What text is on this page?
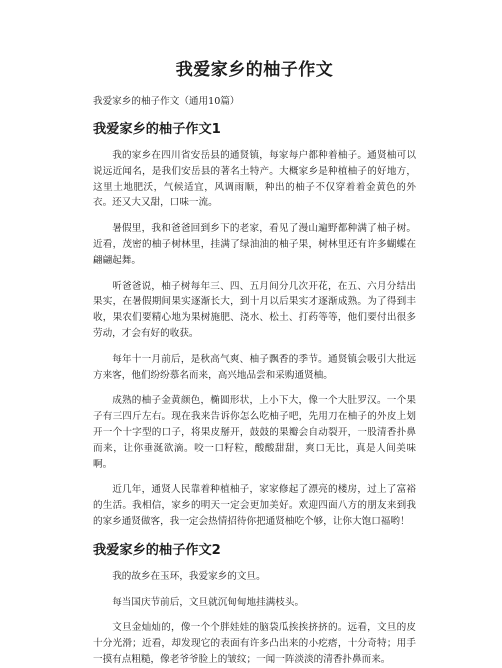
我爱家乡的柚子作文

我爱家乡的柚子作文（通用10篇）

我爱家乡的柚子作文1

我的家乡在四川省安岳县的通贤镇，每家每户都种着柚子。通贤柚可以说远近闻名，是我们安岳县的著名土特产。大概家乡是种植柚子的好地方，这里土地肥沃，气候适宜，风调雨顺，种出的柚子不仅穿着着金黄色的外衣。还又大又甜，口味一流。

暑假里，我和爸爸回到乡下的老家，看见了漫山遍野都种满了柚子树。近看，茂密的柚子树林里，挂满了绿油油的柚子果，树林里还有许多蝴蝶在翩翩起舞。

听爸爸说，柚子树每年三、四、五月间分几次开花，在五、六月分结出果实，在暑假期间果实逐渐长大，到十月以后果实才逐渐成熟。为了得到丰收，果农们要精心地为果树施肥、浇水、松土、打药等等，他们要付出很多劳动，才会有好的收获。

每年十一月前后，是秋高气爽、柚子飘香的季节。通贤镇会吸引大批远方来客，他们纷纷慕名而来，高兴地品尝和采购通贤柚。

成熟的柚子金黄颜色，椭圆形状，上小下大，像一个大肚罗汉。一个果子有三四斤左右。现在我来告诉你怎么吃柚子吧，先用刀在柚子的外皮上划开一个十字型的口子，将果皮掰开，鼓鼓的果瓣会自动裂开，一股清香扑鼻而来，让你垂涎欲滴。咬一口籽粒，酸酸甜甜，爽口无比，真是人间美味啊。

近几年，通贤人民靠着种植柚子，家家修起了漂亮的楼房，过上了富裕的生活。我相信，家乡的明天一定会更加美好。欢迎四面八方的朋友来到我的家乡通贤做客，我一定会热情招待你把通贤柚吃个够，让你大饱口福哟！

我爱家乡的柚子作文2

我的故乡在玉环，我爱家乡的文旦。

每当国庆节前后，文旦就沉甸甸地挂满枝头。

文旦金灿灿的，像一个个胖娃娃的脑袋瓜挨挨挤挤的。远看，文旦的皮十分光滑；近看，却发现它的表面有许多凸出来的小疙瘩，十分奇特；用手一摸有点粗糙，像老爷爷脸上的皱纹；一闻一阵淡淡的清香扑鼻而来。
